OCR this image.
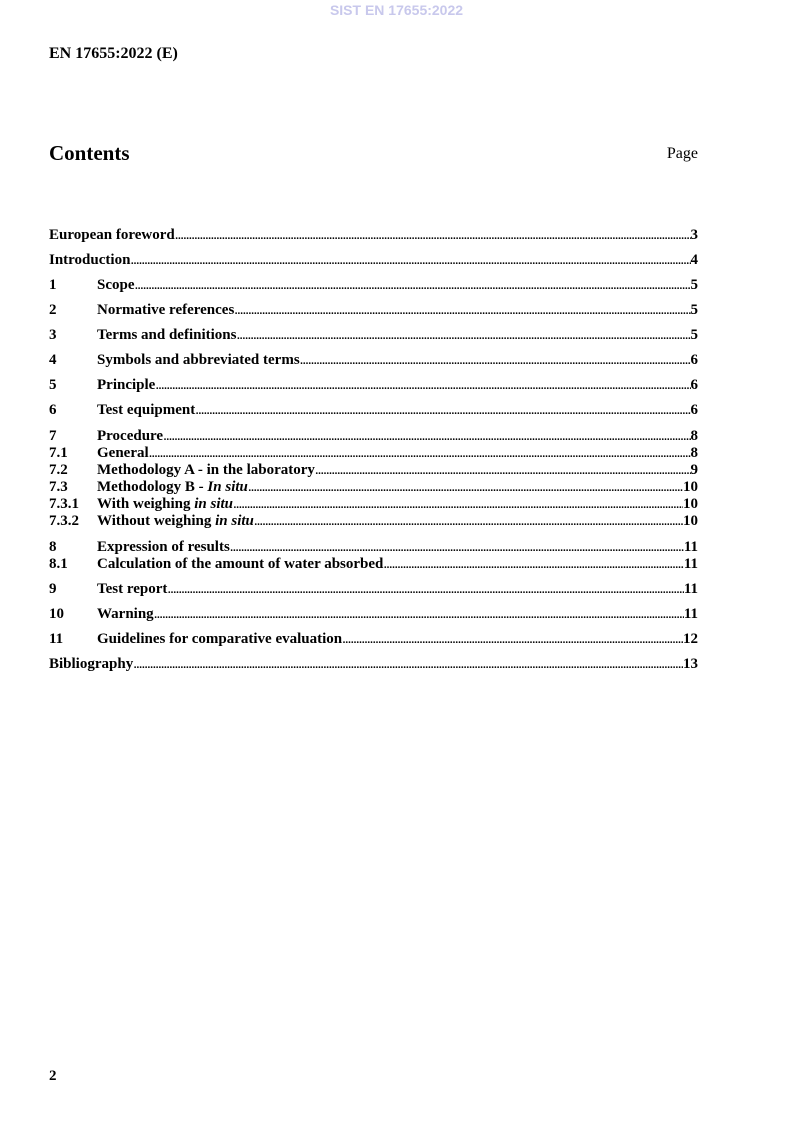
SIST EN 17655:2022
EN 17655:2022 (E)
Contents	Page
European foreword .....	3
Introduction .....	4
1	Scope .....	5
2	Normative references .....	5
3	Terms and definitions .....	5
4	Symbols and abbreviated terms .....	6
5	Principle .....	6
6	Test equipment .....	6
7	Procedure .....	8
7.1	General .....	8
7.2	Methodology A - in the laboratory .....	9
7.3	Methodology B - In situ .....	10
7.3.1	With weighing in situ .....	10
7.3.2	Without weighing in situ .....	10
8	Expression of results .....	11
8.1	Calculation of the amount of water absorbed .....	11
9	Test report .....	11
10	Warning .....	11
11	Guidelines for comparative evaluation .....	12
Bibliography .....	13
2
